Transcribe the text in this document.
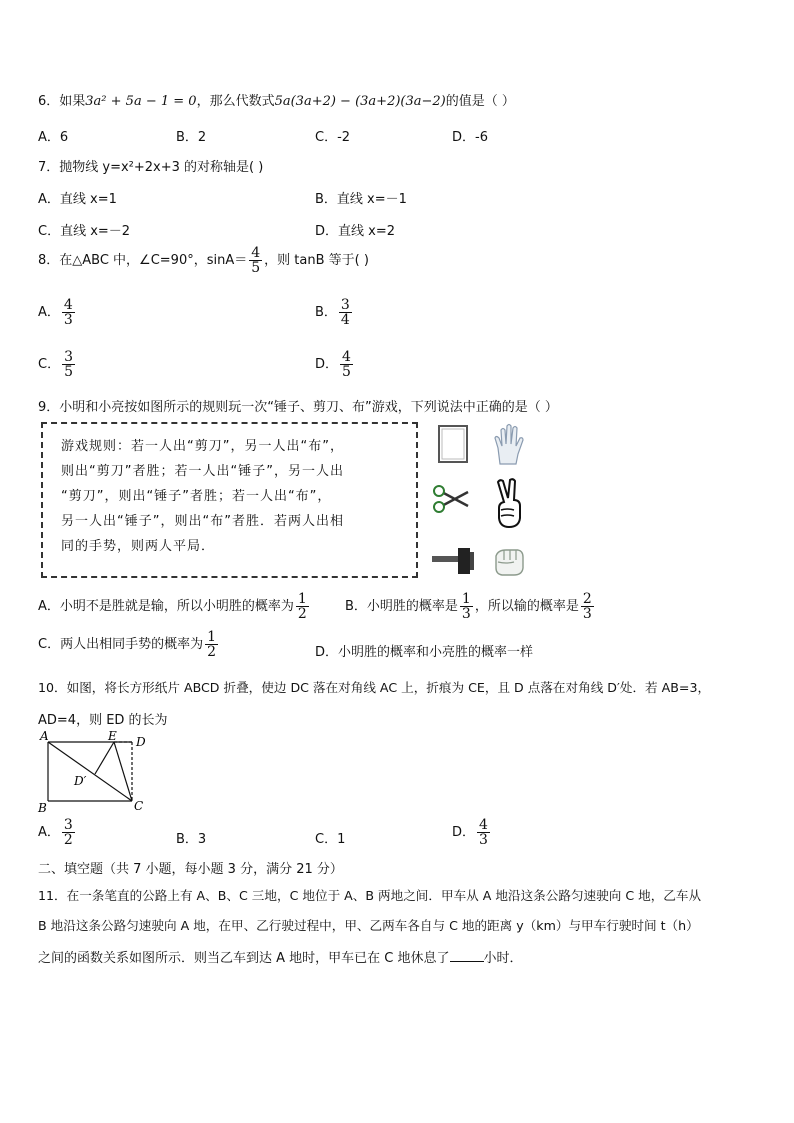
6．如果3a² + 5a − 1 = 0，那么代数式5a(3a+2) − (3a+2)(3a−2)的值是（ ）
A．6	B．2	C．-2	D．-6
7．抛物线 y=x²+2x+3 的对称轴是( )
A．直线 x=1	B．直线 x=－1
C．直线 x=－2	D．直线 x=2
8．在△ABC 中，∠C=90°，$\sin A= \frac{4}{5}$ ，则 tanB 等于( )
A． $\frac{4}{3}$	B． $\frac{3}{4}$
C． $\frac{3}{5}$	D． $\frac{4}{5}$
9．小明和小亮按如图所示的规则玩一次“锤子、剪刀、布”游戏，下列说法中正确的是（ ）

游戏规则：若一人出“剪刀”，另一人出“布”，

则出“剪刀”者胜；若一人出“锤子”，另一人出

“剪刀”，则出“锤子”者胜；若一人出“布”，

另一人出“锤子”，则出“布”者胜．若两人出相

同的手势，则两人平局．

A．小明不是胜就是输，所以小明胜的概率为 $\frac{1}{2}$	B．小明胜的概率是 $\frac{1}{3}$ ，所以输的概率是 $\frac{2}{3}$
C．两人出相同手势的概率为 $\frac{1}{2}$	D．小明胜的概率和小亮胜的概率一样
10．如图，将长方形纸片 ABCD 折叠，使边 DC 落在对角线 AC 上，折痕为 CE，且 D 点落在对角线 D′处．若 AB=3，
AD=4，则 ED 的长为
A	E D
B	C
D′
A． $\frac{3}{2}$	B．3	C．1	D． $\frac{4}{3}$
二、填空题（共 7 小题，每小题 3 分，满分 21 分）
11．在一条笔直的公路上有 A、B、C 三地，C 地位于 A、B 两地之间．甲车从 A 地沿这条公路匀速驶向 C 地，乙车从
B 地沿这条公路匀速驶向 A 地，在甲、乙行驶过程中，甲、乙两车各自与 C 地的距离 y（km）与甲车行驶时间 t（h）
之间的函数关系如图所示．则当乙车到达 A 地时，甲车已在 C 地休息了	小时．
